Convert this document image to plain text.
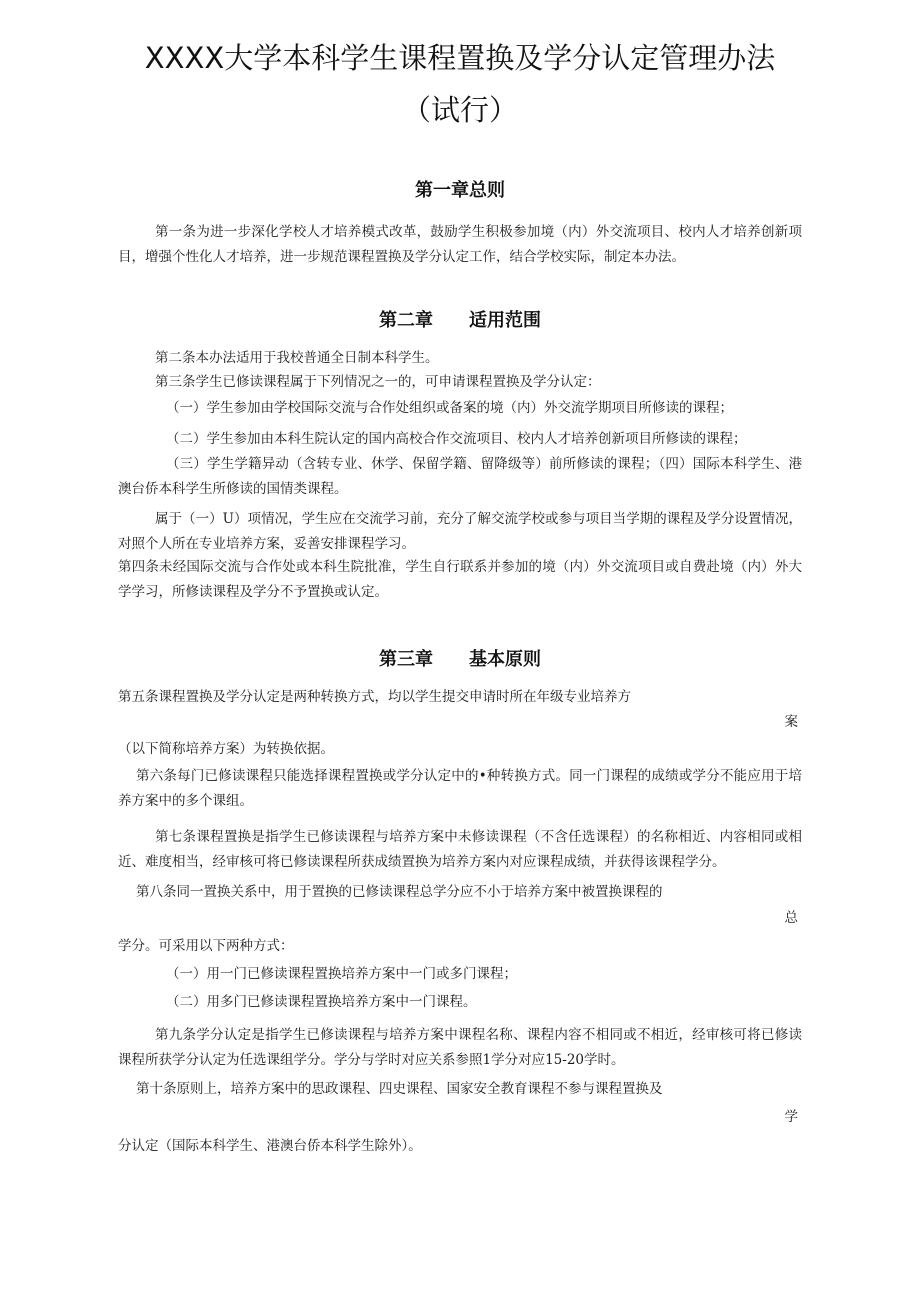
XXXX大学本科学生课程置换及学分认定管理办法（试行）
第一章总则

第一条为进一步深化学校人才培养模式改革，鼓励学生积极参加境（内）外交流项目、校内人才培养创新项目，增强个性化人才培养，进一步规范课程置换及学分认定工作，结合学校实际，制定本办法。

第二章　　适用范围

第二条本办法适用于我校普通全日制本科学生。

第三条学生已修读课程属于下列情况之一的，可申请课程置换及学分认定：

（一）学生参加由学校国际交流与合作处组织或备案的境（内）外交流学期项目所修读的课程；

（二）学生参加由本科生院认定的国内高校合作交流项目、校内人才培养创新项目所修读的课程；

（三）学生学籍异动（含转专业、休学、保留学籍、留降级等）前所修读的课程；（四）国际本科学生、港澳台侨本科学生所修读的国情类课程。

属于（一）U）项情况，学生应在交流学习前，充分了解交流学校或参与项目当学期的课程及学分设置情况，对照个人所在专业培养方案，妥善安排课程学习。

第四条未经国际交流与合作处或本科生院批准，学生自行联系并参加的境（内）外交流项目或自费赴境（内）外大学学习，所修读课程及学分不予置换或认定。

第三章　　基本原则

第五条课程置换及学分认定是两种转换方式，均以学生提交申请时所在年级专业培养方

案

（以下简称培养方案）为转换依据。

第六条每门已修读课程只能选择课程置换或学分认定中的•种转换方式。同一门课程的成绩或学分不能应用于培养方案中的多个课组。

第七条课程置换是指学生已修读课程与培养方案中未修读课程（不含任选课程）的名称相近、内容相同或相近、难度相当，经审核可将已修读课程所获成绩置换为培养方案内对应课程成绩，并获得该课程学分。

第八条同一置换关系中，用于置换的已修读课程总学分应不小于培养方案中被置换课程的

总

学分。可采用以下两种方式：

（一）用一门已修读课程置换培养方案中一门或多门课程；

（二）用多门已修读课程置换培养方案中一门课程。

第九条学分认定是指学生已修读课程与培养方案中课程名称、课程内容不相同或不相近，经审核可将已修读课程所获学分认定为任选课组学分。学分与学时对应关系参照1学分对应15-20学时。

第十条原则上，培养方案中的思政课程、四史课程、国家安全教育课程不参与课程置换及

学

分认定（国际本科学生、港澳台侨本科学生除外）。
